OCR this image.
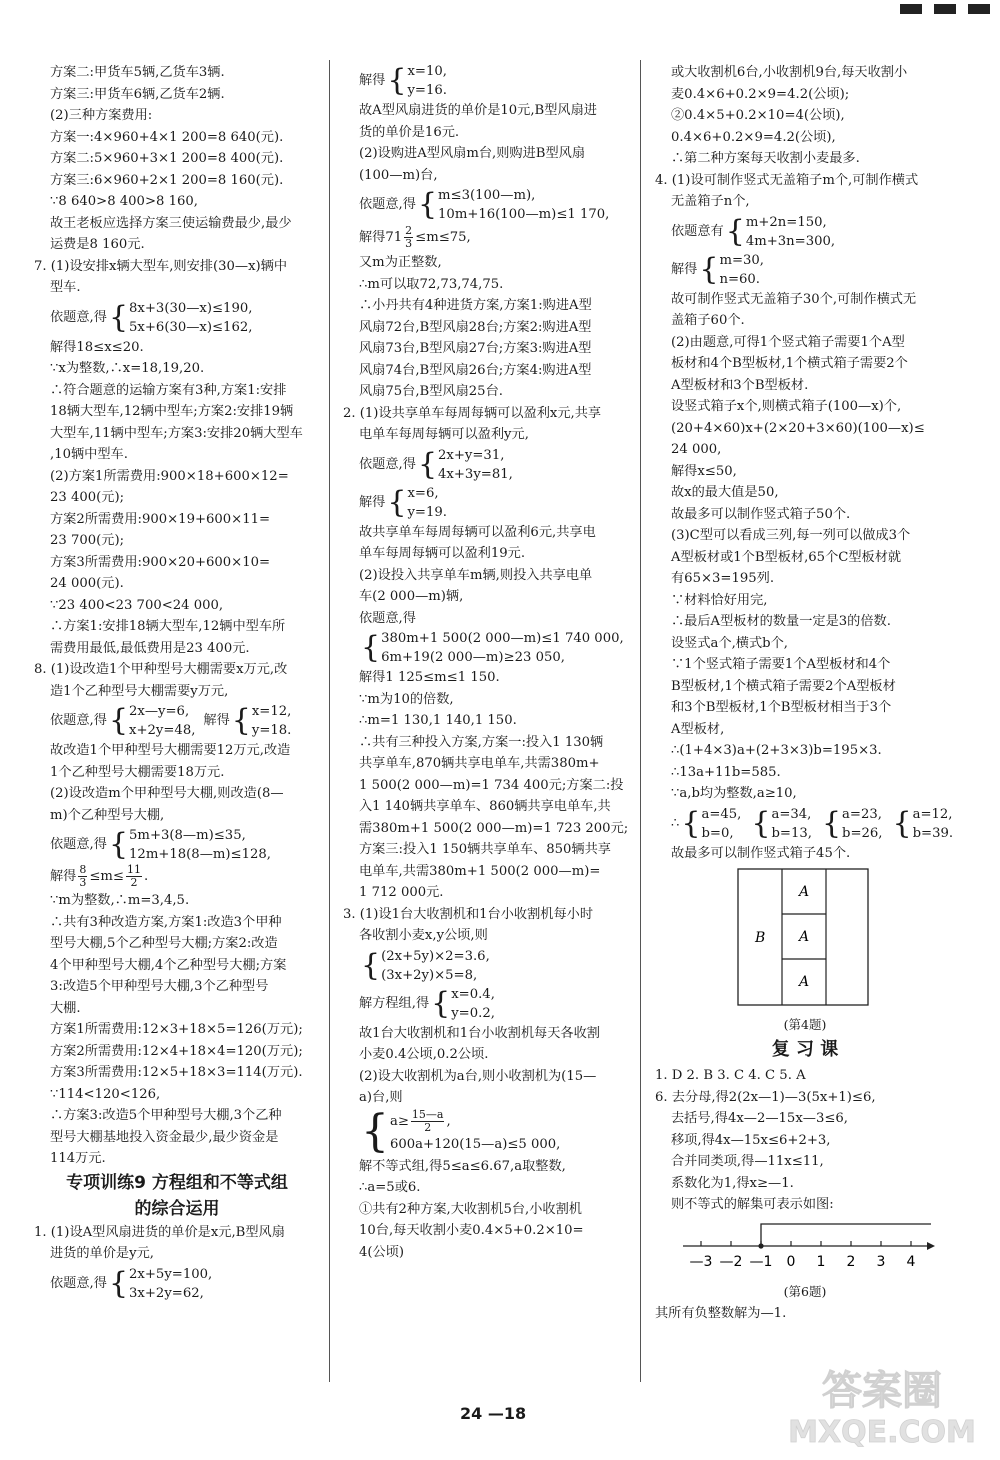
方案二:甲货车5辆,乙货车3辆.
方案三:甲货车6辆,乙货车2辆.
(2)三种方案费用:
方案一:4×960+4×1 200=8 640(元).
方案二:5×960+3×1 200=8 400(元).
方案三:6×960+2×1 200=8 160(元).
∵8 640>8 400>8 160,
故王老板应选择方案三使运输费最少,最少
运费是8 160元.
7. (1)设安排x辆大型车,则安排(30—x)辆中
型车.
依题意,得 { 8x+3(30—x)≤190,
5x+6(30—x)≤162,
解得18≤x≤20.
∵x为整数,∴x=18,19,20.
∴符合题意的运输方案有3种,方案1:安排
18辆大型车,12辆中型车;方案2:安排19辆
大型车,11辆中型车;方案3:安排20辆大型车
,10辆中型车.
(2)方案1所需费用:900×18+600×12=
23 400(元);
方案2所需费用:900×19+600×11=
23 700(元);
方案3所需费用:900×20+600×10=
24 000(元).
∵23 400<23 700<24 000,
∴方案1:安排18辆大型车,12辆中型车所
需费用最低,最低费用是23 400元.
8. (1)设改造1个甲种型号大棚需要x万元,改
造1个乙种型号大棚需要y万元,
依题意,得 { 2x—y=6,
x+2y=48,
解得 { x=12,
y=18.
故改造1个甲种型号大棚需要12万元,改造
1个乙种型号大棚需要18万元.
(2)设改造m个甲种型号大棚,则改造(8—
m)个乙种型号大棚,
依题意,得 { 5m+3(8—m)≤35,
12m+18(8—m)≤128,
解得 $\frac{8}{3} \le m\le \frac{11}{2}$ .
∵m为整数,∴m=3,4,5.
∴共有3种改造方案,方案1:改造3个甲种
型号大棚,5个乙种型号大棚;方案2:改造
4个甲种型号大棚,4个乙种型号大棚;方案
3:改造5个甲种型号大棚,3个乙种型号
大棚.
方案1所需费用:12×3+18×5=126(万元);
方案2所需费用:12×4+18×4=120(万元);
方案3所需费用:12×5+18×3=114(万元).
∵114<120<126,
∴方案3:改造5个甲种型号大棚,3个乙种
型号大棚基地投入资金最少,最少资金是
114万元.
专项训练9 方程组和不等式组
的综合运用
1. (1)设A型风扇进货的单价是x元,B型风扇
进货的单价是y元,
依题意,得 { 2x+5y=100,
3x+2y=62,
解得 { x=10,
y=16.
故A型风扇进货的单价是10元,B型风扇进
货的单价是16元.
(2)设购进A型风扇m台,则购进B型风扇
(100—m)台,
依题意,得 { m≤3(100—m),
10m+16(100—m)≤1 170,
解得$71 \frac{2}{3} \le m\le 75$,
又m为正整数,
∴m可以取72,73,74,75.
∴小丹共有4种进货方案,方案1:购进A型
风扇72台,B型风扇28台;方案2:购进A型
风扇73台,B型风扇27台;方案3:购进A型
风扇74台,B型风扇26台;方案4:购进A型
风扇75台,B型风扇25台.
2. (1)设共享单车每周每辆可以盈利x元,共享
电单车每周每辆可以盈利y元,
依题意,得 { 2x+y=31,
4x+3y=81,
解得 { x=6,
y=19.
故共享单车每周每辆可以盈利6元,共享电
单车每周每辆可以盈利19元.
(2)设投入共享单车m辆,则投入共享电单
车(2 000—m)辆,
依题意,得
{ 380m+1 500(2 000—m)≤1 740 000,
6m+19(2 000—m)≥23 050,
解得1 125≤m≤1 150.
∵m为10的倍数,
∴m=1 130,1 140,1 150.
∴共有三种投入方案,方案一:投入1 130辆
共享单车,870辆共享电单车,共需380m+
1 500(2 000—m)=1 734 400元;方案二:投
入1 140辆共享单车、860辆共享电单车,共
需380m+1 500(2 000—m)=1 723 200元;
方案三:投入1 150辆共享单车、850辆共享
电单车,共需380m+1 500(2 000—m)=
1 712 000元.
3. (1)设1台大收割机和1台小收割机每小时
各收割小麦x,y公顷,则
{ (2x+5y)×2=3.6,
(3x+2y)×5=8,
解方程组,得 { x=0.4,
y=0.2,
故1台大收割机和1台小收割机每天各收割
小麦0.4公顷,0.2公顷.
(2)设大收割机为a台,则小收割机为(15—
a)台,则
{ $a\ge \frac{15—a}{2}$ ,
600a+120(15—a)≤5 000,
解不等式组,得5≤a≤6.67,a取整数,
∴a=5或6.
①共有2种方案,大收割机5台,小收割机
10台,每天收割小麦0.4×5+0.2×10=
4(公顷)
或大收割机6台,小收割机9台,每天收割小
麦0.4×6+0.2×9=4.2(公顷);
②0.4×5+0.2×10=4(公顷),
0.4×6+0.2×9=4.2(公顷),
∴第二种方案每天收割小麦最多.
4. (1)设可制作竖式无盖箱子m个,可制作横式
无盖箱子n个,
依题意有 { m+2n=150,
4m+3n=300,
解得 { m=30,
n=60.
故可制作竖式无盖箱子30个,可制作横式无
盖箱子60个.
(2)由题意,可得1个竖式箱子需要1个A型
板材和4个B型板材,1个横式箱子需要2个
A型板材和3个B型板材.
设竖式箱子x个,则横式箱子(100—x)个,
(20+4×60)x+(2×20+3×60)(100—x)≤
24 000,
解得x≤50,
故x的最大值是50,
故最多可以制作竖式箱子50个.
(3)C型可以看成三列,每一列可以做成3个
A型板材或1个B型板材,65个C型板材就
有65×3=195列.
∵材料恰好用完,
∴最后A型板材的数量一定是3的倍数.
设竖式a个,横式b个,
∵1个竖式箱子需要1个A型板材和4个
B型板材,1个横式箱子需要2个A型板材
和3个B型板材,1个B型板材相当于3个
A型板材,
∴(1+4×3)a+(2+3×3)b=195×3.
∴13a+11b=585.
∵a,b均为整数,a≥10,
∴ { a=45,
b=0, { a=34,
b=13, { a=23,
b=26, { a=12,
b=39.
故最多可以制作竖式箱子45个.
B
A
A
A
(第4题)
复 习 课
1. D 2. B 3. C 4. C 5. A
6. 去分母,得2(2x—1)—3(5x+1)≤6,
去括号,得4x—2—15x—3≤6,
移项,得4x—15x≤6+2+3,
合并同类项,得—11x≤11,
系数化为1,得x≥—1.
则不等式的解集可表示如图:
—3 —2 —1 0 1 2 3 4
(第6题)
其所有负整数解为—1.
24 —18	答案圈
MXQE.COM
